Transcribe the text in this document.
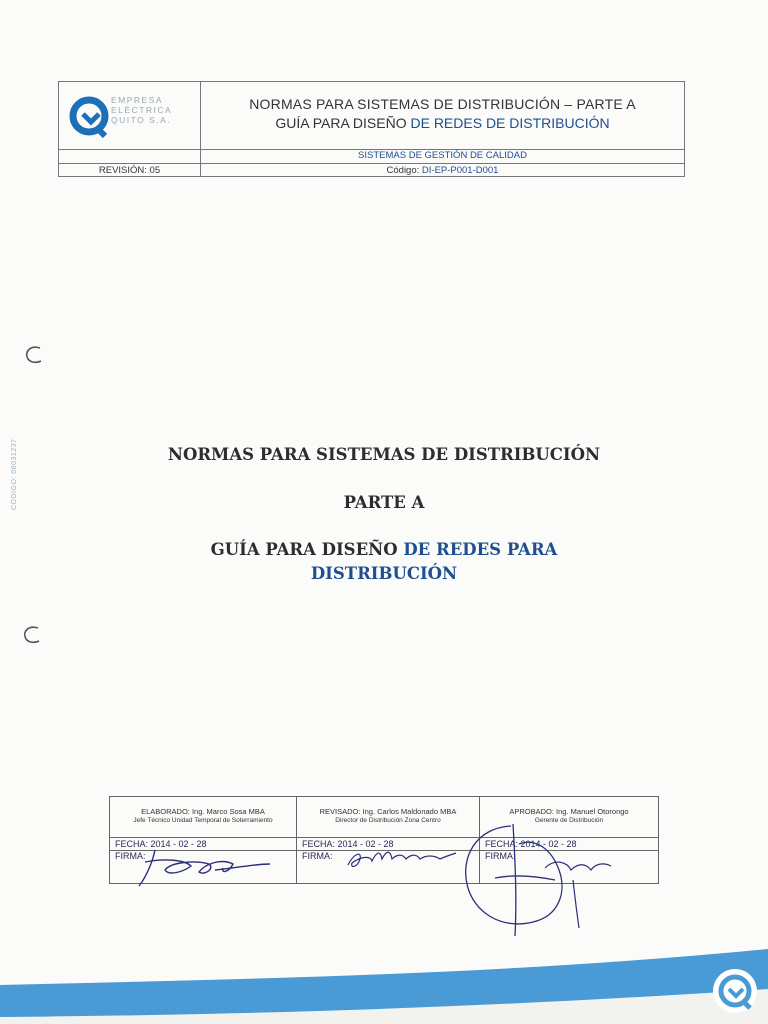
EMPRESA
ELÉCTRICA
QUITO S.A.
NORMAS PARA SISTEMAS DE DISTRIBUCIÓN – PARTE A
GUÍA PARA DISEÑO DE REDES DE DISTRIBUCIÓN
SISTEMAS DE GESTIÓN DE CALIDAD
REVISIÓN: 05	Código: DI-EP-P001-D001
CODIGO: 06031237	NORMAS PARA SISTEMAS DE DISTRIBUCIÓN
PARTE A
GUÍA PARA DISEÑO DE REDES PARA
DISTRIBUCIÓN
ELABORADO: Ing. Marco Sosa MBA
Jefe Técnico Unidad Temporal de Soterramiento
FECHA: 2014 - 02 - 28
FIRMA:
REVISADO: Ing. Carlos Maldonado MBA
Director de Distribución Zona Centro
FECHA: 2014 - 02 - 28
FIRMA:
APROBADO: Ing. Manuel Otorongo
Gerente de Distribución
FECHA: 2014 - 02 - 28
FIRMA:
